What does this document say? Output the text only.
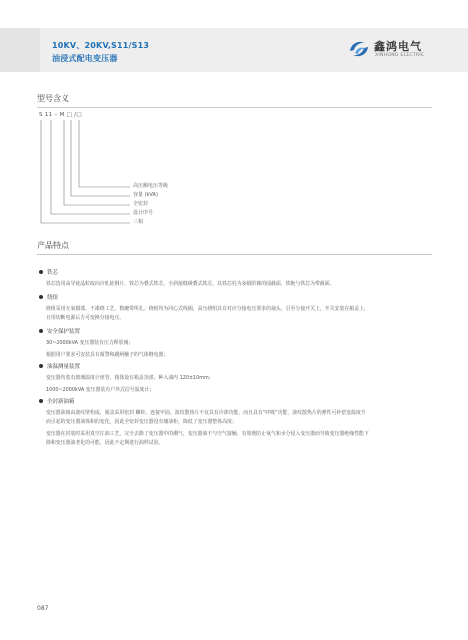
10KV、20KV,S11/S13
油浸式配电变压器
鑫鸿电气
XINHONG ELECTRIC
型号含义
S 11 – M □ /□
高压额电压等级
容量 (kVA)
全密封
设计序号
三相
产品特点
铁芯
铁芯选用高导硅晶粒取向冷轧硅钢片，铁芯为叠式铁芯，全斜接缝级叠式铁芯，其铁芯柱为多级阶梯的圆截面，铁轭与铁芯为带截面。
绕组
绕组采用无氧铜漆，不漆绕工艺，数缠带所扎；绕组均为同心式线圈，高压绕组具有对应分接电压要求的抽头，引至分接开关上，开关安装在箱盖上，
且用切断电源后方可变换分接电压。
安全保护装置
30~2000kVA 变压器装有压力释放阀；
根据用户要求可安装具有報警和跳闸触子的气体继电器；
油温测量装置
变压器均装有玻璃温度计座管，箱体设在箱盖顶部，种入油内 120±10mm；
1000~2000kVA 变压器装有户外式信号温度计；
全封新油箱
变压器油箱由波纹壁构成，箱盖采用密封 螺栓、连接牢固。波纹散热片不仅具有冷却功能，而且具有“呼吸”功能，波纹散热片的弹性可补偿变温度升
而引起的变压器油体积的变化，因此全密封变压器没有储油柜，降低了变压器整体高度；
变压器在封装时采用真空注油工艺，完全去除了变压器中的潮气，变压器油不与空气接触，有效地防止氧气和水分侵入变压器而导致变压器绝缘性能下
降和变压器油老化的可能，因此不定期进行油样试验。
087
